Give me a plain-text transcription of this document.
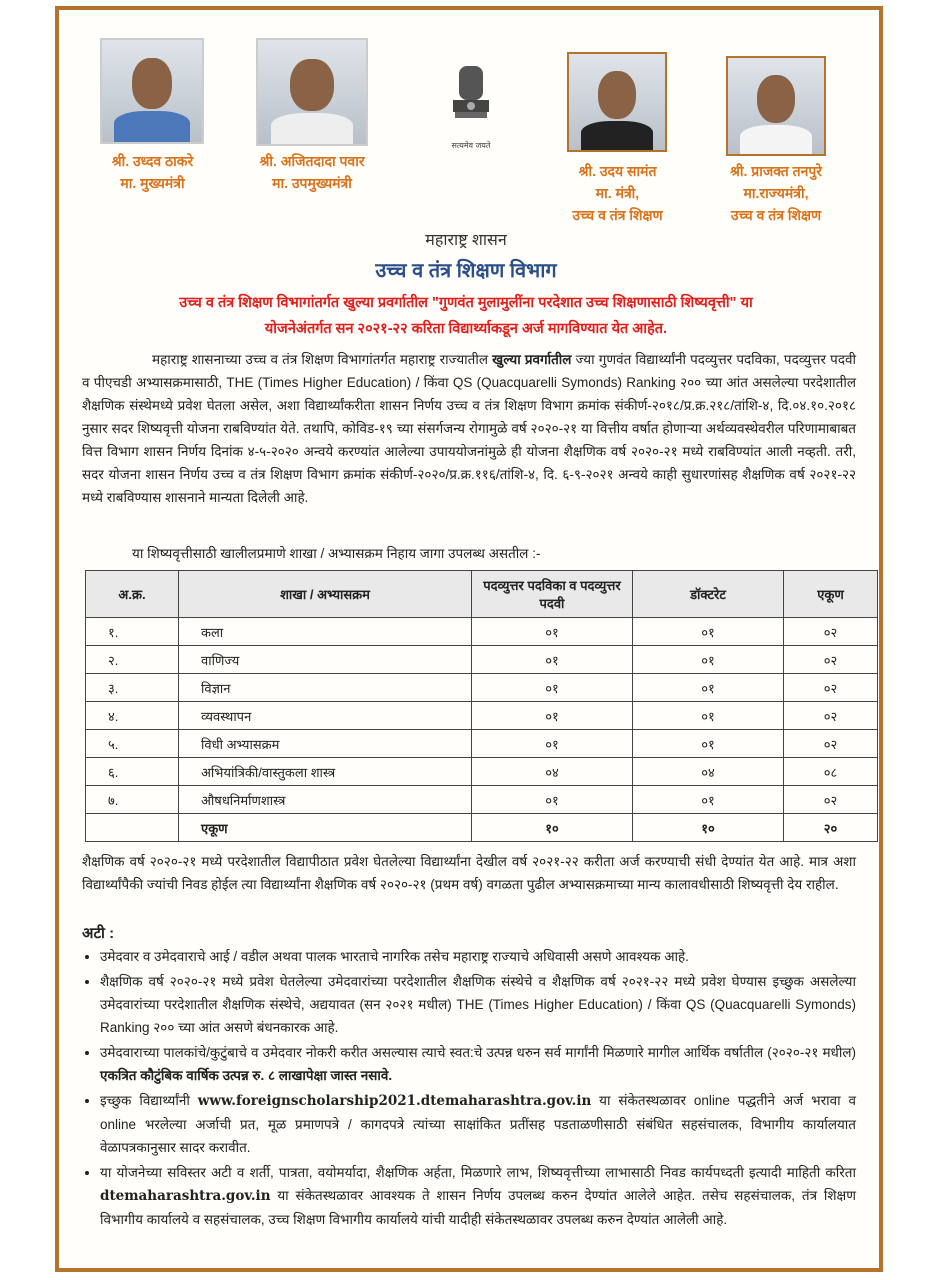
सत्यमेव जयते
श्री. उध्दव ठाकरे
मा. मुख्यमंत्री
श्री. अजितदादा पवार
मा. उपमुख्यमंत्री
श्री. उदय सामंत
मा. मंत्री,
उच्च व तंत्र शिक्षण
श्री. प्राजक्त तनपुरे
मा.राज्यमंत्री,
उच्च व तंत्र शिक्षण
महाराष्ट्र शासन
उच्च व तंत्र शिक्षण विभाग
उच्च व तंत्र शिक्षण विभागांतर्गत खुल्या प्रवर्गातील "गुणवंत मुलामुलींना परदेशात उच्च शिक्षणासाठी शिष्यवृत्ती" या
योजनेअंतर्गत सन २०२१-२२ करिता विद्यार्थ्याकडून अर्ज मागविण्यात येत आहेत.
महाराष्ट्र शासनाच्या उच्च व तंत्र शिक्षण विभागांतर्गत महाराष्ट्र राज्यातील खुल्या प्रवर्गातील ज्या गुणवंत विद्यार्थ्यांनी पदव्युत्तर पदविका, पदव्युत्तर पदवी व पीएचडी अभ्यासक्रमासाठी, THE (Times Higher Education) / किंवा QS (Quacquarelli Symonds) Ranking २०० च्या आंत असलेल्या परदेशातील शैक्षणिक संस्थेमध्ये प्रवेश घेतला असेल, अशा विद्यार्थ्यांकरीता शासन निर्णय उच्च व तंत्र शिक्षण विभाग क्रमांक संकीर्ण-२०१८/प्र.क्र.२१८/तांशि-४, दि.०४.१०.२०१८ नुसार सदर शिष्यवृत्ती योजना राबविण्यांत येते. तथापि, कोविड-१९ च्या संसर्गजन्य रोगामुळे वर्ष २०२०-२१ या वित्तीय वर्षात होणाऱ्या अर्थव्यवस्थेवरील परिणामाबाबत वित्त विभाग शासन निर्णय दिनांक ४-५-२०२० अन्वये करण्यांत आलेल्या उपाययोजनांमुळे ही योजना शैक्षणिक वर्ष २०२०-२१ मध्ये राबविण्यांत आली नव्हती. तरी, सदर योजना शासन निर्णय उच्च व तंत्र शिक्षण विभाग क्रमांक संकीर्ण-२०२०/प्र.क्र.११६/तांशि-४, दि. ६-९-२०२१ अन्वये काही सुधारणांसह शैक्षणिक वर्ष २०२१-२२ मध्ये राबविण्यास शासनाने मान्यता दिलेली आहे.
या शिष्यवृत्तीसाठी खालीलप्रमाणे शाखा / अभ्यासक्रम निहाय जागा उपलब्ध असतील :-
अ.क्र.	शाखा / अभ्यासक्रम	पदव्युत्तर पदविका व पदव्युत्तर पदवी	डॉक्टरेट	एकूण
१.	कला	०१	०१	०२
२.	वाणिज्य	०१	०१	०२
३.	विज्ञान	०१	०१	०२
४.	व्यवस्थापन	०१	०१	०२
५.	विधी अभ्यासक्रम	०१	०१	०२
६.	अभियांत्रिकी/वास्तुकला शास्त्र	०४	०४	०८
७.	औषधनिर्माणशास्त्र	०१	०१	०२
	एकूण	१०	१०	२०
शैक्षणिक वर्ष २०२०-२१ मध्ये परदेशातील विद्यापीठात प्रवेश घेतलेल्या विद्यार्थ्यांना देखील वर्ष २०२१-२२ करीता अर्ज करण्याची संधी देण्यांत येत आहे. मात्र अशा विद्यार्थ्यांपैकी ज्यांची निवड होईल त्या विद्यार्थ्यांना शैक्षणिक वर्ष २०२०-२१ (प्रथम वर्ष) वगळता पुढील अभ्यासक्रमाच्या मान्य कालावधीसाठी शिष्यवृत्ती देय राहील.
अटी :
• उमेदवार व उमेदवाराचे आई / वडील अथवा पालक भारताचे नागरिक तसेच महाराष्ट्र राज्याचे अधिवासी असणे आवश्यक आहे.
• शैक्षणिक वर्ष २०२०-२१ मध्ये प्रवेश घेतलेल्या उमेदवारांच्या परदेशातील शैक्षणिक संस्थेचे व शैक्षणिक वर्ष २०२१-२२ मध्ये प्रवेश घेण्यास इच्छुक असलेल्या उमेदवारांच्या परदेशातील शैक्षणिक संस्थेचे, अद्ययावत (सन २०२१ मधील) THE (Times Higher Education) / किंवा QS (Quacquarelli Symonds) Ranking २०० च्या आंत असणे बंधनकारक आहे.
• उमेदवाराच्या पालकांचे/कुटुंबाचे व उमेदवार नोकरी करीत असल्यास त्याचे स्वत:चे उत्पन्न धरुन सर्व मार्गांनी मिळणारे मागील आर्थिक वर्षातील (२०२०-२१ मधील) एकत्रित कौटुंबिक वार्षिक उत्पन्न रु. ८ लाखापेक्षा जास्त नसावे.
• इच्छुक विद्यार्थ्यांनी www.foreignscholarship2021.dtemaharashtra.gov.in या संकेतस्थळावर online पद्धतीने अर्ज भरावा व online भरलेल्या अर्जाची प्रत, मूळ प्रमाणपत्रे / कागदपत्रे त्यांच्या साक्षांकित प्रतींसह पडताळणीसाठी संबंधित सहसंचालक, विभागीय कार्यालयात वेळापत्रकानुसार सादर करावीत.
• या योजनेच्या सविस्तर अटी व शर्ती, पात्रता, वयोमर्यादा, शैक्षणिक अर्हता, मिळणारे लाभ, शिष्यवृत्तीच्या लाभासाठी निवड कार्यपध्दती इत्यादी माहिती करिता dtemaharashtra.gov.in या संकेतस्थळावर आवश्यक ते शासन निर्णय उपलब्ध करुन देण्यांत आलेले आहेत. तसेच सहसंचालक, तंत्र शिक्षण विभागीय कार्यालये व सहसंचालक, उच्च शिक्षण विभागीय कार्यालये यांची यादीही संकेतस्थळावर उपलब्ध करुन देण्यांत आलेली आहे.
